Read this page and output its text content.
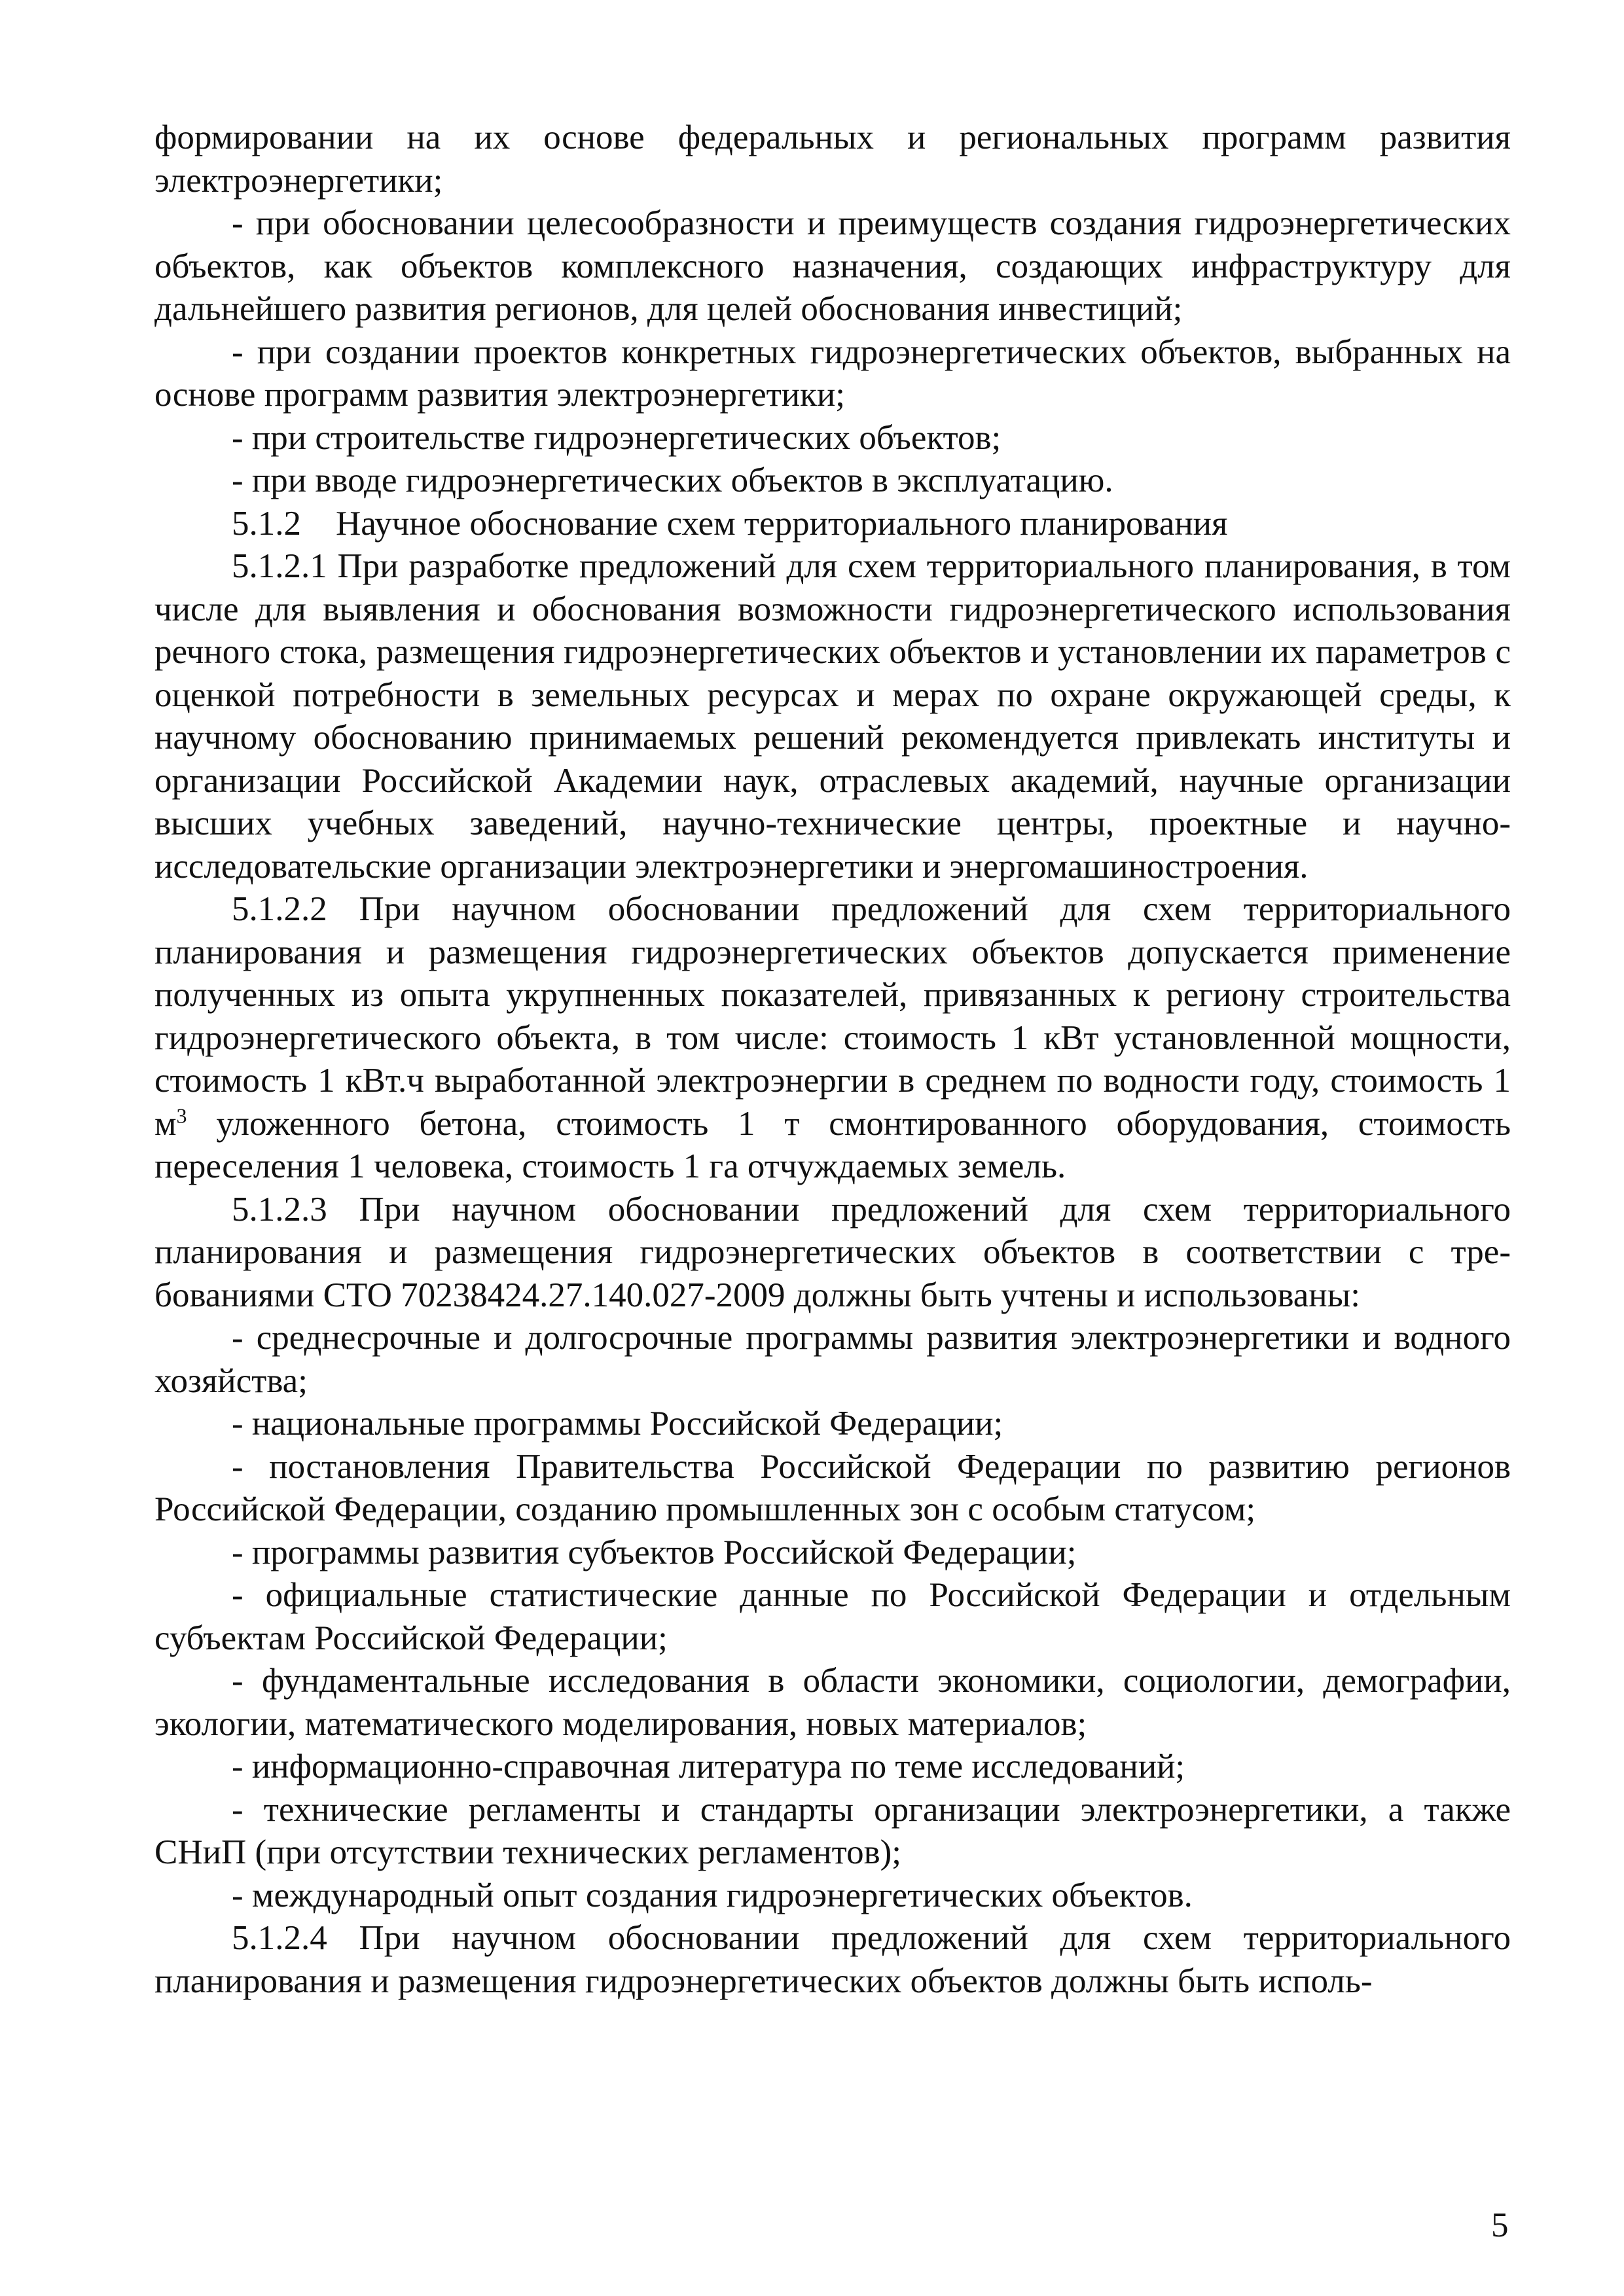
формировании на их основе федеральных и региональных программ развития электроэнергетики;

- при обосновании целесообразности и преимуществ создания гидроэнергетических объектов, как объектов комплексного назначения, создающих инфраструктуру для дальнейшего развития регионов, для целей обоснования инвестиций;

- при создании проектов конкретных гидроэнергетических объектов, выбранных на основе программ развития электроэнергетики;

- при строительстве гидроэнергетических объектов;

- при вводе гидроэнергетических объектов в эксплуатацию.

5.1.2    Научное обоснование схем территориального планирования

5.1.2.1 При разработке предложений для схем территориального планирования, в том числе для выявления и обоснования возможности гидроэнергетического использования речного стока, размещения гидроэнергетических объектов и установлении их параметров с оценкой потребности в земельных ресурсах и мерах по охране окружающей среды, к научному обоснованию принимаемых решений рекомендуется привлекать институты и организации Российской Академии наук, отраслевых академий, научные организации высших учебных заведений, научно-технические центры, проектные и научно-исследовательские организации электроэнергетики и энергомашиностроения.

5.1.2.2 При научном обосновании предложений для схем территориального планирования и размещения гидроэнергетических объектов допускается применение полученных из опыта укрупненных показателей, привязанных к региону строительства гидроэнергетического объекта, в том числе: стоимость 1 кВт установленной мощности, стоимость 1 кВт.ч выработанной электроэнергии в среднем по водности году, стоимость 1 $м^3$ уложенного бетона, стоимость 1 т смонтированного оборудования, стоимость переселения 1 человека, стоимость 1 га отчуждаемых земель.

5.1.2.3 При научном обосновании предложений для схем территориального планирования и размещения гидроэнергетических объектов в соответствии с требованиями СТО 70238424.27.140.027-2009 должны быть учтены и использованы:

- среднесрочные и долгосрочные программы развития электроэнергетики и водного хозяйства;

- национальные программы Российской Федерации;

- постановления Правительства Российской Федерации по развитию регионов Российской Федерации, созданию промышленных зон с особым статусом;

- программы развития субъектов Российской Федерации;

- официальные статистические данные по Российской Федерации и отдельным субъектам Российской Федерации;

- фундаментальные исследования в области экономики, социологии, демографии, экологии, математического моделирования, новых материалов;

- информационно-справочная литература по теме исследований;

- технические регламенты и стандарты организации электроэнергетики, а также СНиП (при отсутствии технических регламентов);

- международный опыт создания гидроэнергетических объектов.

5.1.2.4 При научном обосновании предложений для схем территориального планирования и размещения гидроэнергетических объектов должны быть исполь-

5
